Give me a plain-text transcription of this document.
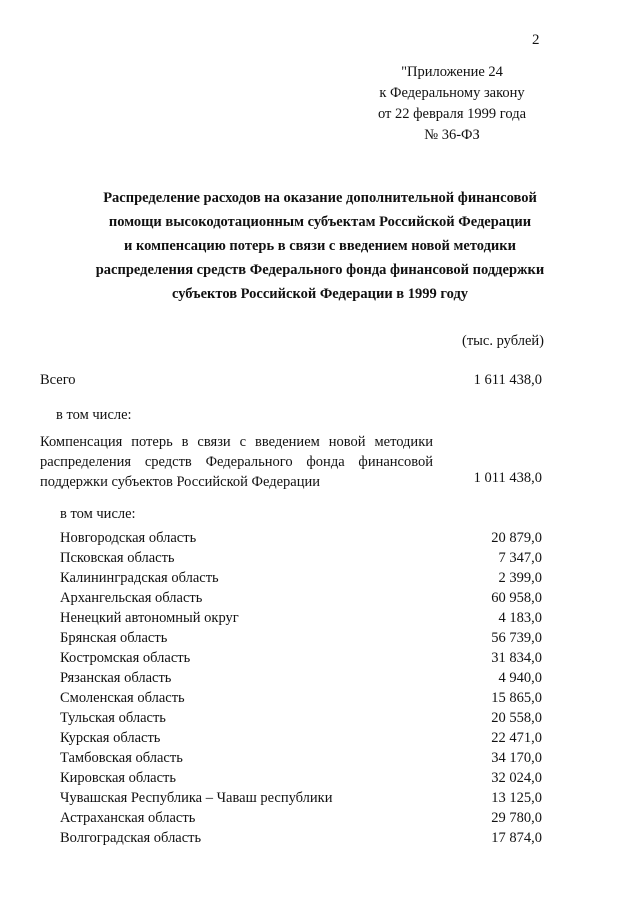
2
"Приложение 24
к Федеральному закону
от 22 февраля 1999 года
№ 36-ФЗ
Распределение расходов на оказание дополнительной финансовой
помощи высокодотационным субъектам Российской Федерации
и компенсацию потерь в связи с введением новой методики
распределения средств Федерального фонда финансовой поддержки
субъектов Российской Федерации в 1999 году
(тыс. рублей)
Всего	1 611 438,0
в том числе:
Компенсация потерь в связи с введением новой методики распределения средств Федерального фонда финансовой поддержки субъектов Российской Федерации	1 011 438,0
в том числе:
Новгородская область	20 879,0
Псковская область	7 347,0
Калининградская область	2 399,0
Архангельская область	60 958,0
Ненецкий автономный округ	4 183,0
Брянская область	56 739,0
Костромская область	31 834,0
Рязанская область	4 940,0
Смоленская область	15 865,0
Тульская область	20 558,0
Курская область	22 471,0
Тамбовская область	34 170,0
Кировская область	32 024,0
Чувашская Республика – Чаваш республики	13 125,0
Астраханская область	29 780,0
Волгоградская область	17 874,0
